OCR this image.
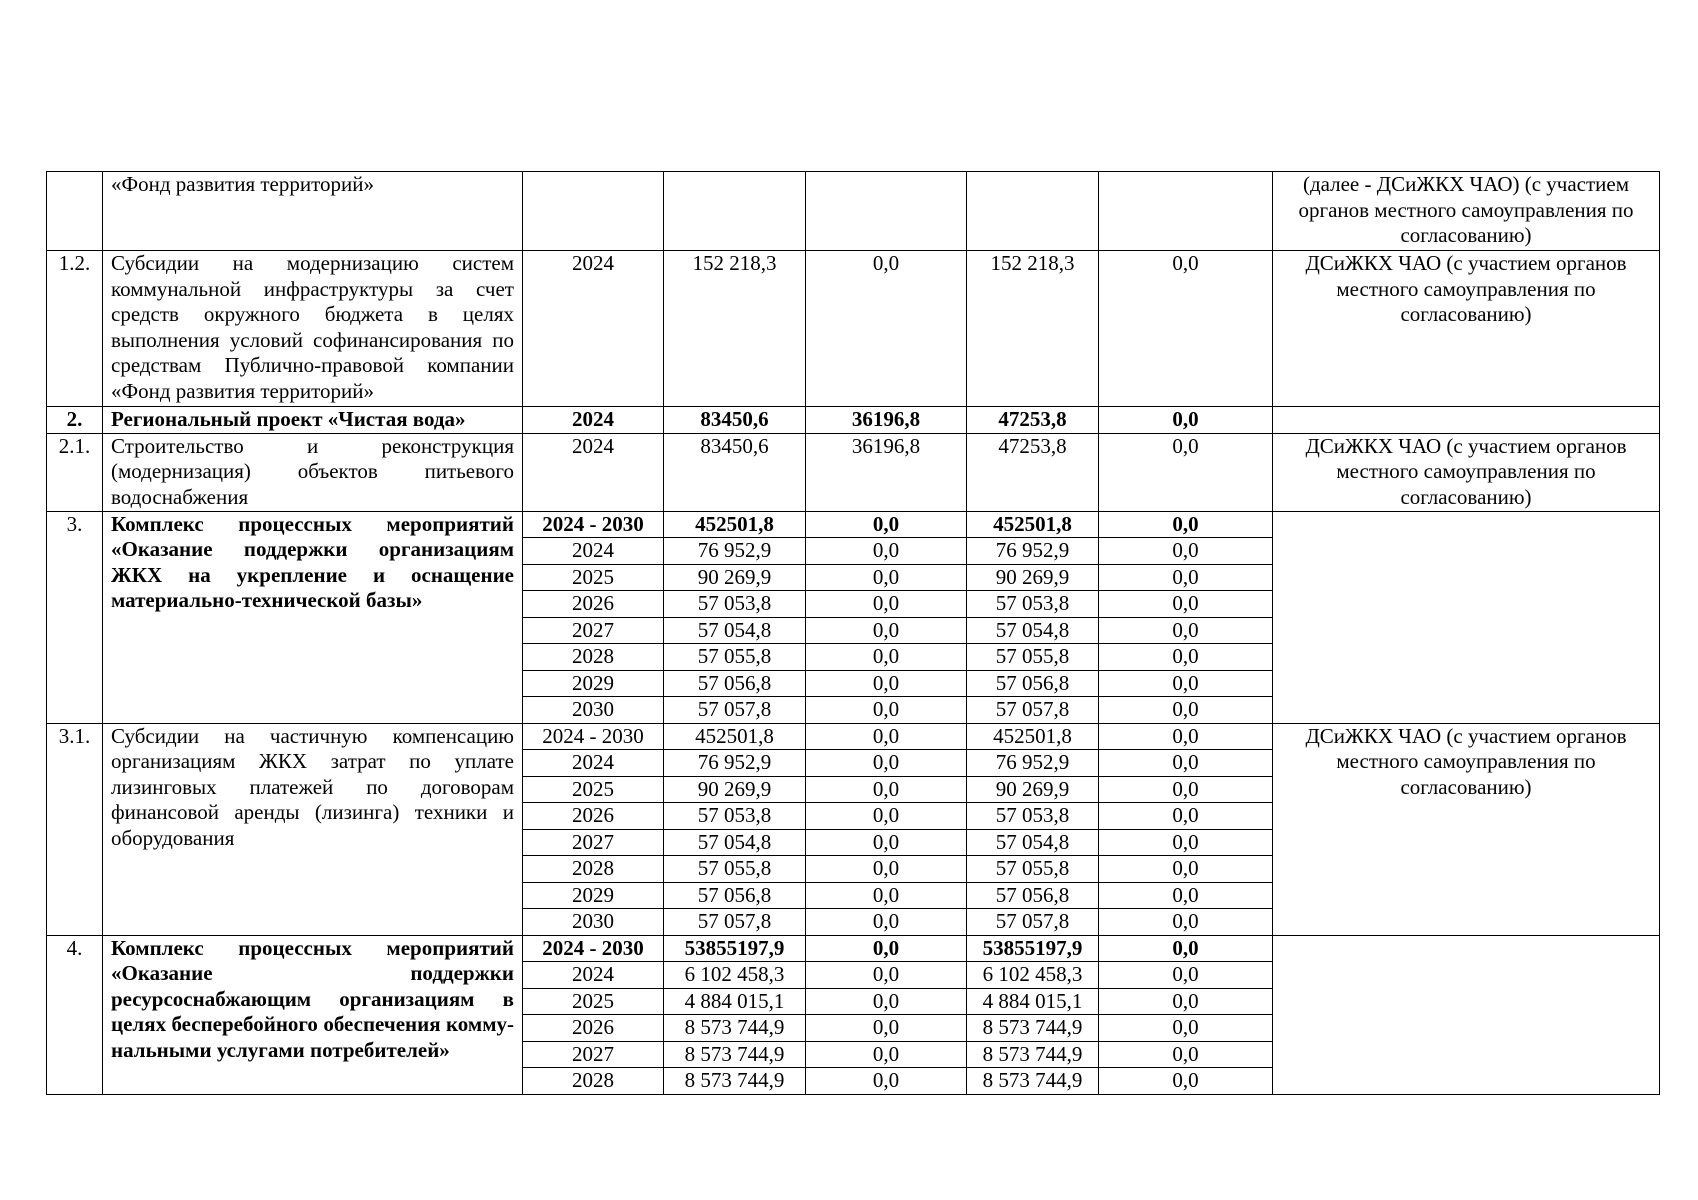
	«Фонд развития территорий»						(далее - ДСиЖКХ ЧАО) (с участием органов местного самоуправления по согласованию)
1.2.	Субсидии на модернизацию систем коммунальной инфраструктуры за счет средств окружного бюджета в целях выполнения условий софинансирования по средствам Публично-правовой компании «Фонд развития территорий»	2024	152 218,3	0,0	152 218,3	0,0	ДСиЖКХ ЧАО (с участием органов местного самоуправления по согласованию)
2.	Региональный проект «Чистая вода»	2024	83450,6	36196,8	47253,8	0,0	
2.1.	Строительство и реконструкция (модернизация) объектов питьевого водоснабжения	2024	83450,6	36196,8	47253,8	0,0	ДСиЖКХ ЧАО (с участием органов местного самоуправления по согласованию)
3.	Комплекс процессных мероприятий «Оказание поддержки организациям ЖКХ на укрепление и оснащение материально-технической базы»	2024 - 2030	452501,8	0,0	452501,8	0,0	
		2024	76 952,9	0,0	76 952,9	0,0	
		2025	90 269,9	0,0	90 269,9	0,0	
		2026	57 053,8	0,0	57 053,8	0,0	
		2027	57 054,8	0,0	57 054,8	0,0	
		2028	57 055,8	0,0	57 055,8	0,0	
		2029	57 056,8	0,0	57 056,8	0,0	
		2030	57 057,8	0,0	57 057,8	0,0	
3.1.	Субсидии на частичную компенсацию организациям ЖКХ затрат по уплате лизинговых платежей по договорам финансовой аренды (лизинга) техники и оборудования	2024 - 2030	452501,8	0,0	452501,8	0,0	ДСиЖКХ ЧАО (с участием органов местного самоуправления по согласованию)
		2024	76 952,9	0,0	76 952,9	0,0	
		2025	90 269,9	0,0	90 269,9	0,0	
		2026	57 053,8	0,0	57 053,8	0,0	
		2027	57 054,8	0,0	57 054,8	0,0	
		2028	57 055,8	0,0	57 055,8	0,0	
		2029	57 056,8	0,0	57 056,8	0,0	
		2030	57 057,8	0,0	57 057,8	0,0	
4.	Комплекс процессных мероприятий «Оказание поддержки ресурсоснабжающим организациям в целях бесперебойного обеспечения комму-нальными услугами потребителей»	2024 - 2030	53855197,9	0,0	53855197,9	0,0	
		2024	6 102 458,3	0,0	6 102 458,3	0,0	
		2025	4 884 015,1	0,0	4 884 015,1	0,0	
		2026	8 573 744,9	0,0	8 573 744,9	0,0	
		2027	8 573 744,9	0,0	8 573 744,9	0,0	
		2028	8 573 744,9	0,0	8 573 744,9	0,0	
